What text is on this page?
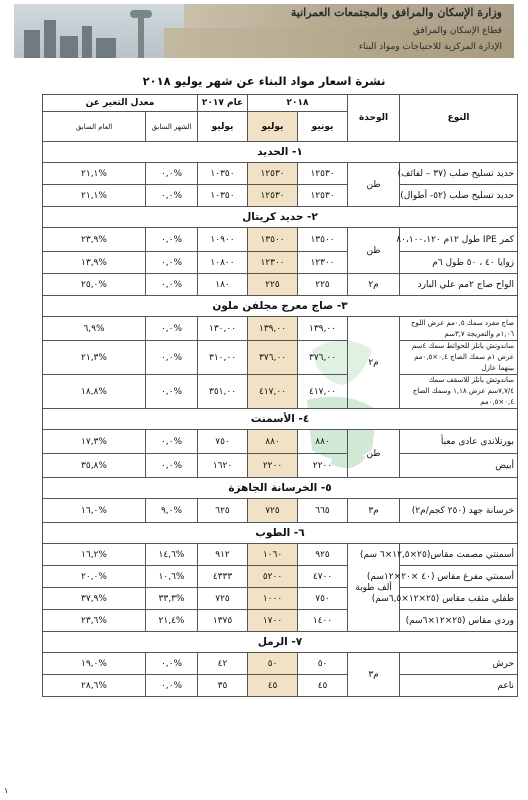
وزارة الإسكان والمرافق والمجتمعات العمرانية
قطاع الإسكان والمرافق
الإدارة المركزية للاحتياجات ومواد البناء
نشرة اسعار مواد البناء عن شهر يوليو ٢٠١٨
النوع	الوحدة	٢٠١٨		عام ٢٠١٧	معدل التغير عن	
		يونيو	يوليو	يوليو	الشهر السابق	العام السابق

١- الحديد						
حديد تسليح صلب (٣٧ – لفائف)	طن	١٢٥٣٠	١٢٥٣٠	١٠٣٥٠	%٠,٠	%٢١,١
حديد تسليح صلب (٥٢- أطوال)		١٢٥٣٠	١٢٥٣٠	١٠٣٥٠	%٠,٠	%٢١,١
٢- حديد كريتال						
كمر IPE طول ١٢م ٨٠،١٠٠،١٢٠	طن	١٣٥٠٠	١٣٥٠٠	١٠٩٠٠	%٠,٠	%٢٣,٩
زوايا ٤٠ ، ٥٠ طول ٦م		١٢٣٠٠	١٢٣٠٠	١٠٨٠٠	%٠,٠	%١٣,٩
الواح صاج ٢مم علي البارد	م٢	٢٢٥	٢٢٥	١٨٠	%٠,٠	%٢٥,٠
٣- صاج معرج مجلفن ملون						
صاج مفرد سمك ٠,٥مم عرض اللوح ١,٠٦م والتعريجة ٣,٧سم	م٢	١٣٩,٠٠	١٣٩,٠٠	١٣٠,٠٠	%٠,٠	%٦,٩
ساندوتش بانلز للحوائط سمك ٤سم عرض ١م سمك الصاج ٠,٤×٠,٥مم بينهما عازل		٣٧٦,٠٠	٣٧٦,٠٠	٣١٠,٠٠	%٠,٠	%٢١,٣
ساندوتش بانلز للاسقف سمك ٧,٧/٤سم عرض ١,١٨ وسمك الصاج ٠,٤×٠,٥مم		٤١٧,٠٠	٤١٧,٠٠	٣٥١,٠٠	%٠,٠	%١٨,٨
٤- الأسمنت						
بورتلاندى عادى معبأ	طن	٨٨٠	٨٨٠	٧٥٠	%٠,٠	%١٧,٣
أبيض		٢٢٠٠	٢٢٠٠	١٦٢٠	%٠,٠	%٣٥,٨
٥- الخرسانة الجاهزة						
خرسانة جهد (٢٥٠ كجم/م٢)	م٣	٦٦٥	٧٢٥	٦٢٥	%٩,٠	%١٦,٠
٦- الطوب						
أسمنتي مصمت مقاس(٢٥×١٢,٥×٦ سم)	ألف طوبة	٩٢٥	١٠٦٠	٩١٢	%١٤,٦	%١٦,٢
أسمنتي مفرغ مقاس (٤٠ ×٢٠×١٢سم)		٤٧٠٠	٥٢٠٠	٤٣٣٣	%١٠,٦	%٢٠,٠
طفلي مثقب مقاس (٢٥×١٢×٦,٥سم)		٧٥٠	١٠٠٠	٧٢٥	%٣٣,٣	%٣٧,٩
وردي مقاس (٢٥×١٢×٦سم)		١٤٠٠	١٧٠٠	١٣٧٥	%٢١,٤	%٢٣,٦
٧- الرمل						
حرش	م٣	٥٠	٥٠	٤٢	%٠,٠	%١٩,٠
ناعم		٤٥	٤٥	٣٥	%٠,٠	%٢٨,٦
١
